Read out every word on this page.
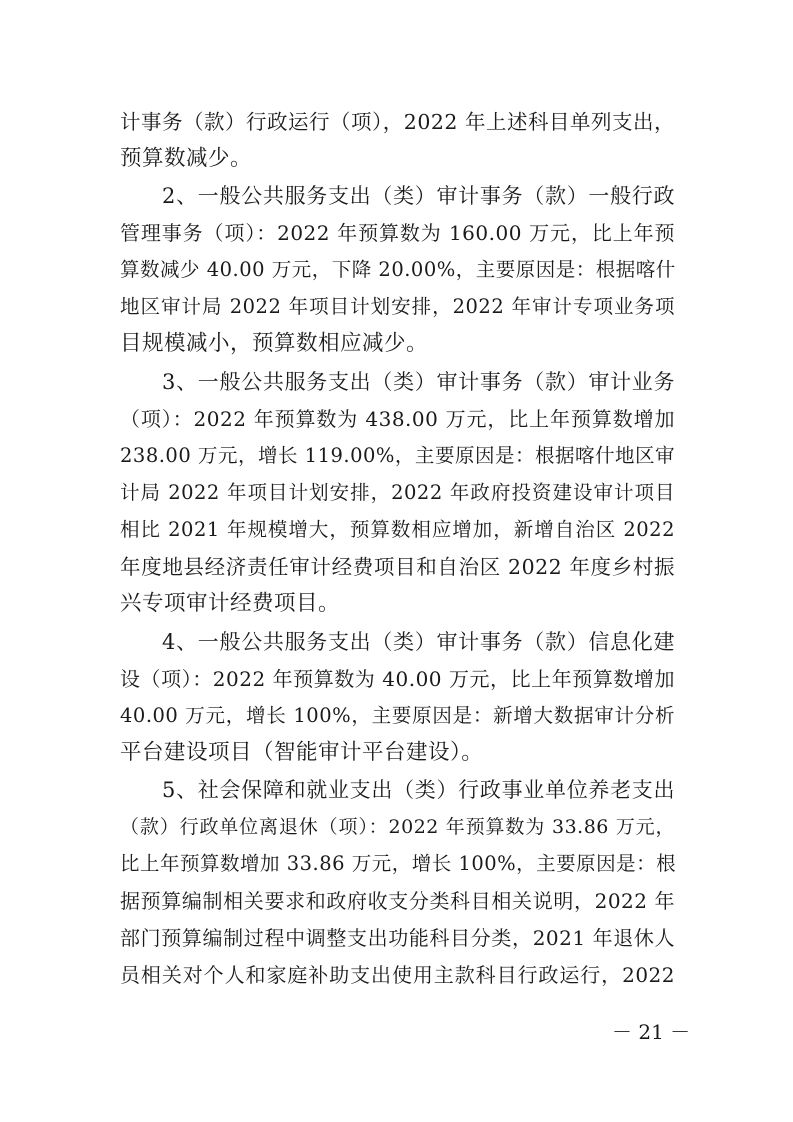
计事务（款）行政运行（项），2022 年上述科目单列支出，
预算数减少。
2、一般公共服务支出（类）审计事务（款）一般行政
管理事务（项）：2022 年预算数为 160.00 万元，比上年预
算数减少 40.00 万元，下降 20.00%，主要原因是：根据喀什
地区审计局 2022 年项目计划安排，2022 年审计专项业务项
目规模减小，预算数相应减少。
3、一般公共服务支出（类）审计事务（款）审计业务
（项）：2022 年预算数为 438.00 万元，比上年预算数增加
238.00 万元，增长 119.00%，主要原因是：根据喀什地区审
计局 2022 年项目计划安排，2022 年政府投资建设审计项目
相比 2021 年规模增大，预算数相应增加，新增自治区 2022
年度地县经济责任审计经费项目和自治区 2022 年度乡村振
兴专项审计经费项目。
4、一般公共服务支出（类）审计事务（款）信息化建
设（项）：2022 年预算数为 40.00 万元，比上年预算数增加
40.00 万元，增长 100%，主要原因是：新增大数据审计分析
平台建设项目（智能审计平台建设）。
5、社会保障和就业支出（类）行政事业单位养老支出
（款）行政单位离退休（项）：2022 年预算数为 33.86 万元，
比上年预算数增加 33.86 万元，增长 100%，主要原因是：根
据预算编制相关要求和政府收支分类科目相关说明，2022 年
部门预算编制过程中调整支出功能科目分类，2021 年退休人
员相关对个人和家庭补助支出使用主款科目行政运行，2022
－ 21 －
